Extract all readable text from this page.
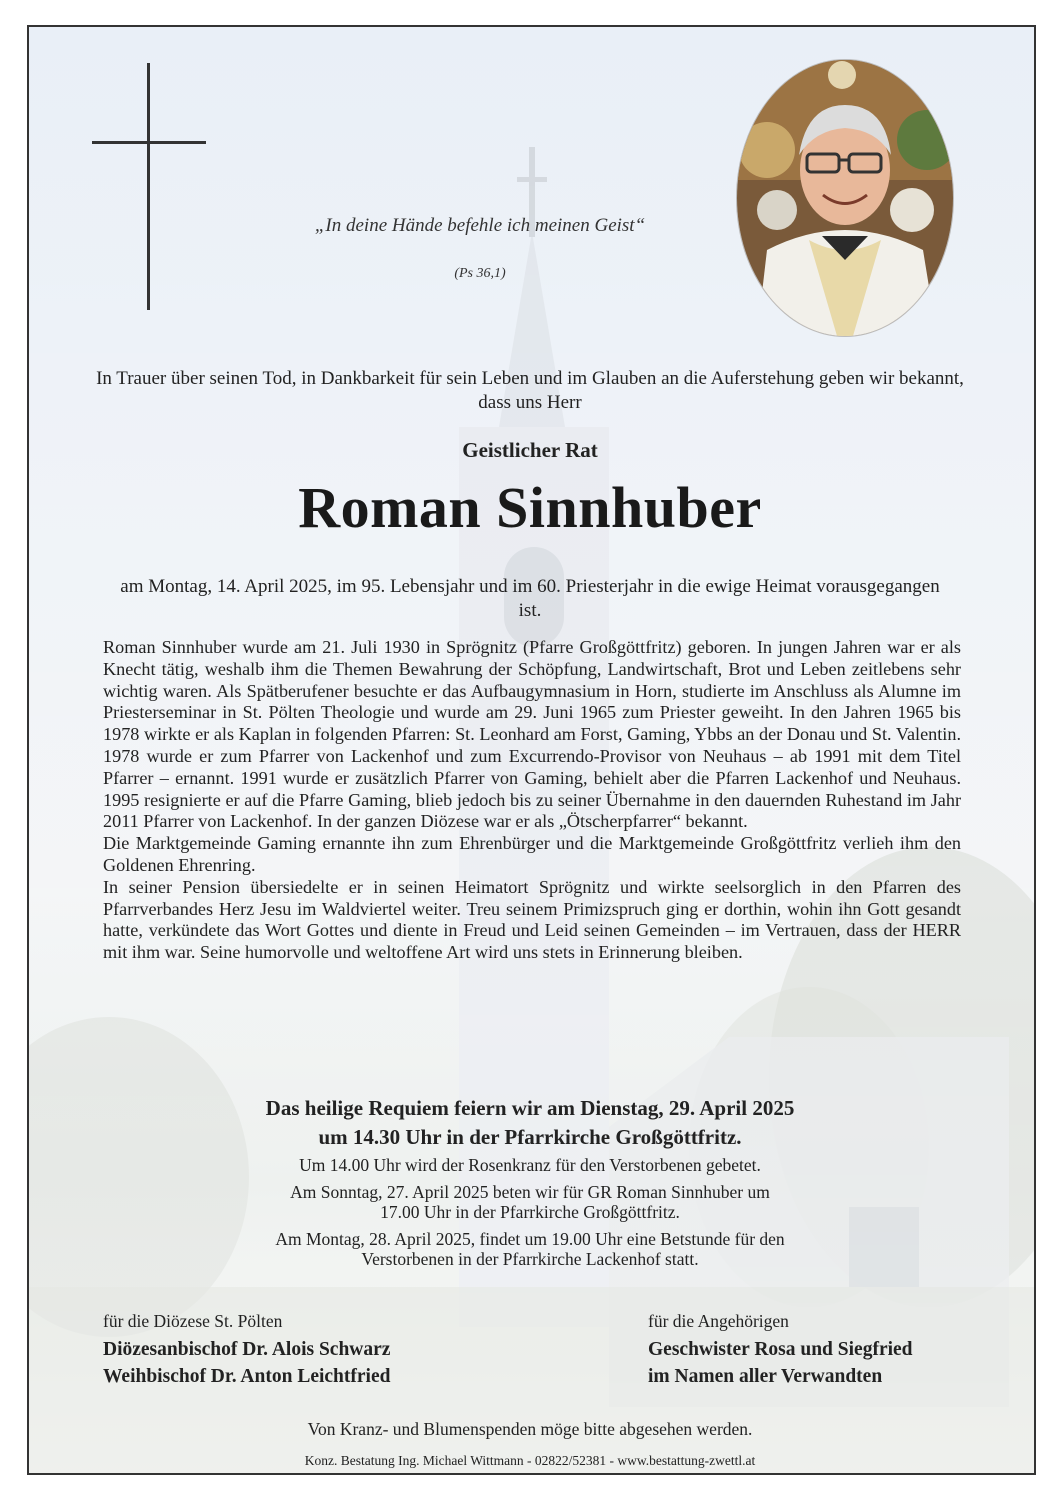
„In deine Hände befehle ich meinen Geist“
(Ps 36,1)
In Trauer über seinen Tod, in Dankbarkeit für sein Leben und im Glauben an die Auferstehung geben wir bekannt, dass uns Herr
Geistlicher Rat
Roman Sinnhuber
am Montag, 14. April 2025, im 95. Lebensjahr und im 60. Priesterjahr in die ewige Heimat vorausgegangen ist.

Roman Sinnhuber wurde am 21. Juli 1930 in Sprögnitz (Pfarre Großgöttfritz) geboren. In jungen Jahren war er als Knecht tätig, weshalb ihm die Themen Bewahrung der Schöpfung, Landwirtschaft, Brot und Leben zeitlebens sehr wichtig waren. Als Spätberufener besuchte er das Aufbaugymnasium in Horn, studierte im Anschluss als Alumne im Priesterseminar in St. Pölten Theologie und wurde am 29. Juni 1965 zum Priester geweiht. In den Jahren 1965 bis 1978 wirkte er als Kaplan in folgenden Pfarren: St. Leonhard am Forst, Gaming, Ybbs an der Donau und St. Valentin. 1978 wurde er zum Pfarrer von Lackenhof und zum Excurrendo-Provisor von Neuhaus – ab 1991 mit dem Titel Pfarrer – ernannt. 1991 wurde er zusätzlich Pfarrer von Gaming, behielt aber die Pfarren Lackenhof und Neuhaus. 1995 resignierte er auf die Pfarre Gaming, blieb jedoch bis zu seiner Übernahme in den dauernden Ruhestand im Jahr 2011 Pfarrer von Lackenhof. In der ganzen Diözese war er als „Ötscherpfarrer“ bekannt.

Die Marktgemeinde Gaming ernannte ihn zum Ehrenbürger und die Marktgemeinde Großgöttfritz verlieh ihm den Goldenen Ehrenring.

In seiner Pension übersiedelte er in seinen Heimatort Sprögnitz und wirkte seelsorglich in den Pfarren des Pfarrverbandes Herz Jesu im Waldviertel weiter. Treu seinem Primizspruch ging er dorthin, wohin ihn Gott gesandt hatte, verkündete das Wort Gottes und diente in Freud und Leid seinen Gemeinden – im Vertrauen, dass der HERR mit ihm war. Seine humorvolle und weltoffene Art wird uns stets in Erinnerung bleiben.

Das heilige Requiem feiern wir am Dienstag, 29. April 2025
um 14.30 Uhr in der Pfarrkirche Großgöttfritz.

Um 14.00 Uhr wird der Rosenkranz für den Verstorbenen gebetet.

Am Sonntag, 27. April 2025 beten wir für GR Roman Sinnhuber um 17.00 Uhr in der Pfarrkirche Großgöttfritz.

Am Montag, 28. April 2025, findet um 19.00 Uhr eine Betstunde für den Verstorbenen in der Pfarrkirche Lackenhof statt.

für die Diözese St. Pölten
Diözesanbischof Dr. Alois Schwarz
Weihbischof Dr. Anton Leichtfried
für die Angehörigen
Geschwister Rosa und Siegfried
im Namen aller Verwandten
Von Kranz- und Blumenspenden möge bitte abgesehen werden.
Konz. Bestatung Ing. Michael Wittmann - 02822/52381 - www.bestattung-zwettl.at
